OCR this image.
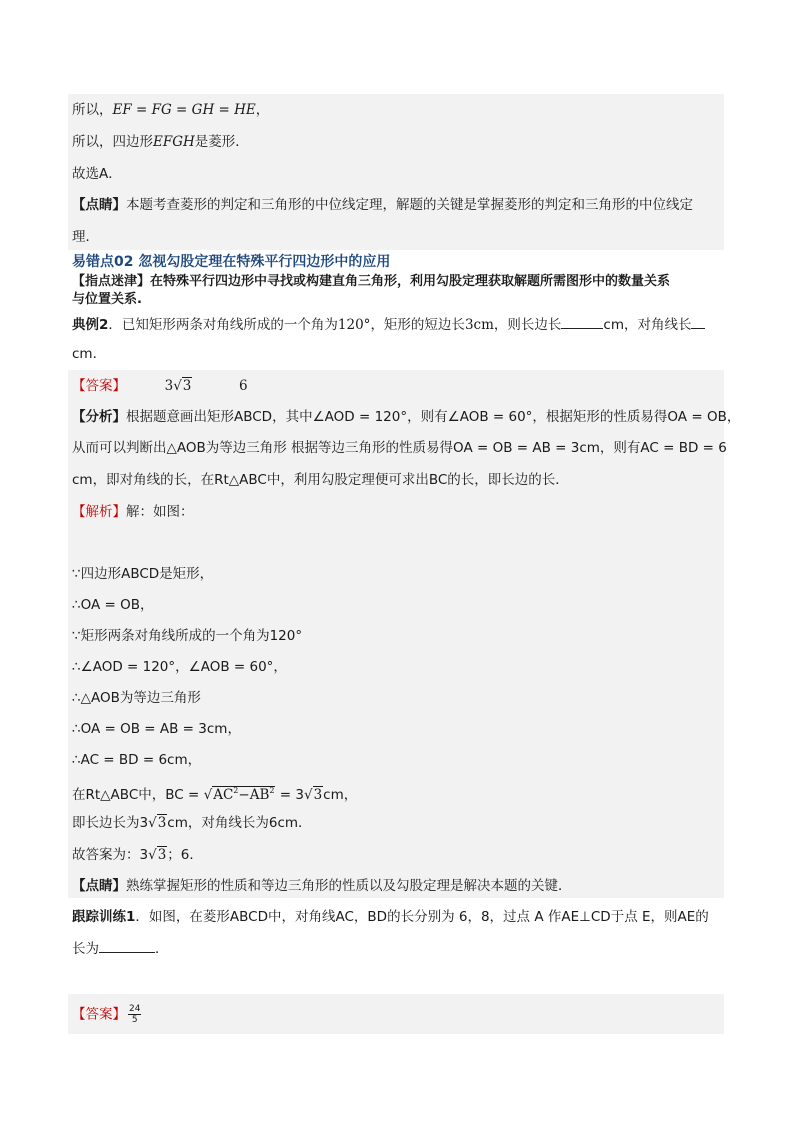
所以，EF = FG = GH = HE，
所以，四边形EFGH是菱形．
故选A．
【点睛】本题考查菱形的判定和三角形的中位线定理，解题的关键是掌握菱形的判定和三角形的中位线定
理．
易错点02 忽视勾股定理在特殊平行四边形中的应用
【指点迷津】在特殊平行四边形中寻找或构建直角三角形，利用勾股定理获取解题所需图形中的数量关系
与位置关系.
典例2．已知矩形两条对角线所成的一个角为120°，矩形的短边长3cm，则长边长	cm，对角线长
cm．
【答案】	3√3	6
【分析】根据题意画出矩形ABCD，其中∠AOD = 120°，则有∠AOB = 60°，根据矩形的性质易得OA = OB，
从而可以判断出△AOB为等边三角形 根据等边三角形的性质易得OA = OB = AB = 3cm，则有AC = BD = 6
cm，即对角线的长，在Rt△ABC中，利用勾股定理便可求出BC的长，即长边的长．
【解析】解：如图：
∵四边形ABCD是矩形，
∴OA = OB，
∵矩形两条对角线所成的一个角为120°
∴∠AOD = 120°，∠AOB = 60°，
∴△AOB为等边三角形
∴OA = OB = AB = 3cm，
∴AC = BD = 6cm，
在Rt△ABC中，BC = $√AC^2-AB^2 = 3√3cm$，
即长边长为3√3cm，对角线长为6cm．
故答案为：3√3；6．
【点睛】熟练掌握矩形的性质和等边三角形的性质以及勾股定理是解决本题的关键．
跟踪训练1．如图，在菱形ABCD中，对角线AC，BD的长分别为 6，8，过点 A 作AE⊥CD于点 E，则AE的
长为	．
【答案】 $\frac{24}{5}$
